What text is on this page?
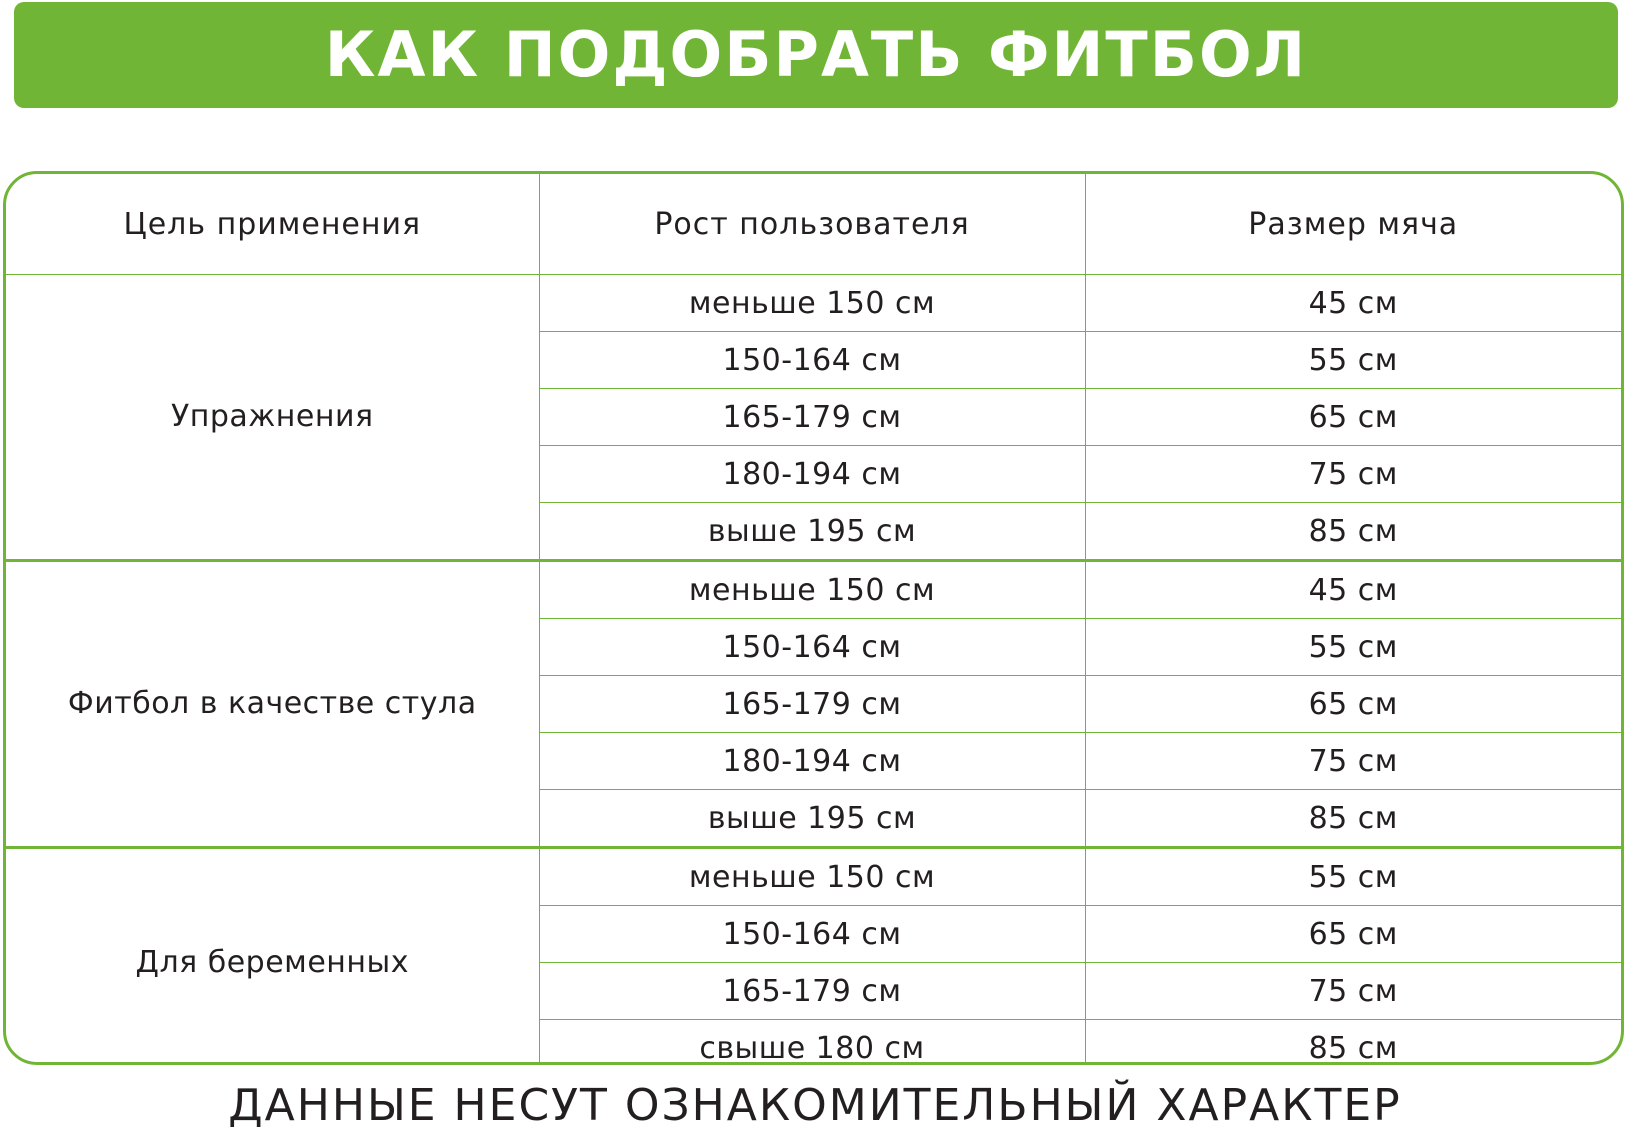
КАК ПОДОБРАТЬ ФИТБОЛ
Цель применения	Рост пользователя	Размер мяча
Упражнения	меньше 150 см	45 см
	150-164 см	55 см
	165-179 см	65 см
	180-194 см	75 см
	выше 195 см	85 см
Фитбол в качестве стула	меньше 150 см	45 см
	150-164 см	55 см
	165-179 см	65 см
	180-194 см	75 см
	выше 195 см	85 см
Для беременных	меньше 150 см	55 см
	150-164 см	65 см
	165-179 см	75 см
	свыше 180 см	85 см
ДАННЫЕ НЕСУТ ОЗНАКОМИТЕЛЬНЫЙ ХАРАКТЕР
